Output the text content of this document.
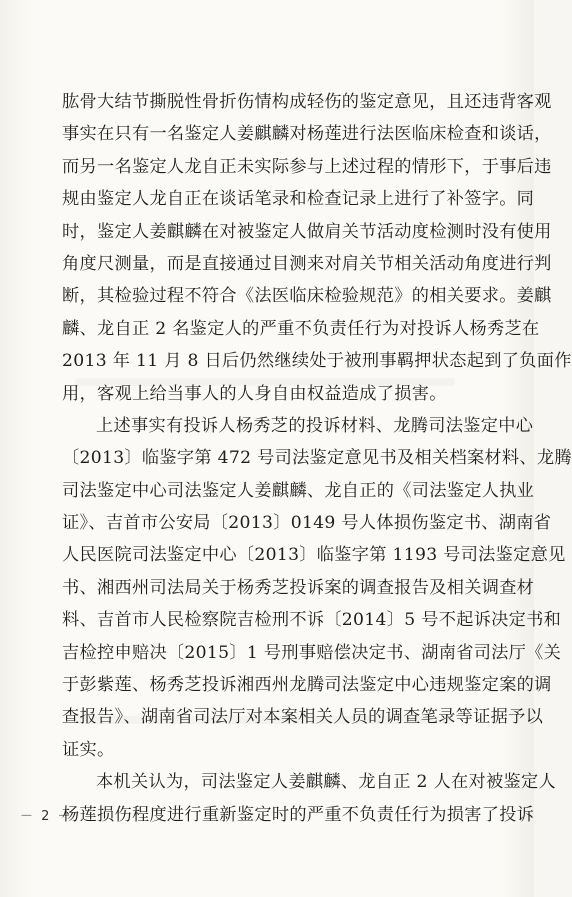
肱骨大结节撕脱性骨折伤情构成轻伤的鉴定意见，且还违背客观
事实在只有一名鉴定人姜麒麟对杨莲进行法医临床检查和谈话，
而另一名鉴定人龙自正未实际参与上述过程的情形下，于事后违
规由鉴定人龙自正在谈话笔录和检查记录上进行了补签字。同
时，鉴定人姜麒麟在对被鉴定人做肩关节活动度检测时没有使用
角度尺测量，而是直接通过目测来对肩关节相关活动角度进行判
断，其检验过程不符合《法医临床检验规范》的相关要求。姜麒
麟、龙自正 2 名鉴定人的严重不负责任行为对投诉人杨秀芝在
2013 年 11 月 8 日后仍然继续处于被刑事羁押状态起到了负面作
用，客观上给当事人的人身自由权益造成了损害。
上述事实有投诉人杨秀芝的投诉材料、龙腾司法鉴定中心
〔2013〕临鉴字第 472 号司法鉴定意见书及相关档案材料、龙腾
司法鉴定中心司法鉴定人姜麒麟、龙自正的《司法鉴定人执业
证》、吉首市公安局〔2013〕0149 号人体损伤鉴定书、湖南省
人民医院司法鉴定中心〔2013〕临鉴字第 1193 号司法鉴定意见
书、湘西州司法局关于杨秀芝投诉案的调查报告及相关调查材
料、吉首市人民检察院吉检刑不诉〔2014〕5 号不起诉决定书和
吉检控申赔决〔2015〕1 号刑事赔偿决定书、湖南省司法厅《关
于彭紫莲、杨秀芝投诉湘西州龙腾司法鉴定中心违规鉴定案的调
查报告》、湖南省司法厅对本案相关人员的调查笔录等证据予以
证实。
本机关认为，司法鉴定人姜麒麟、龙自正 2 人在对被鉴定人
杨莲损伤程度进行重新鉴定时的严重不负责任行为损害了投诉
－ 2 －
